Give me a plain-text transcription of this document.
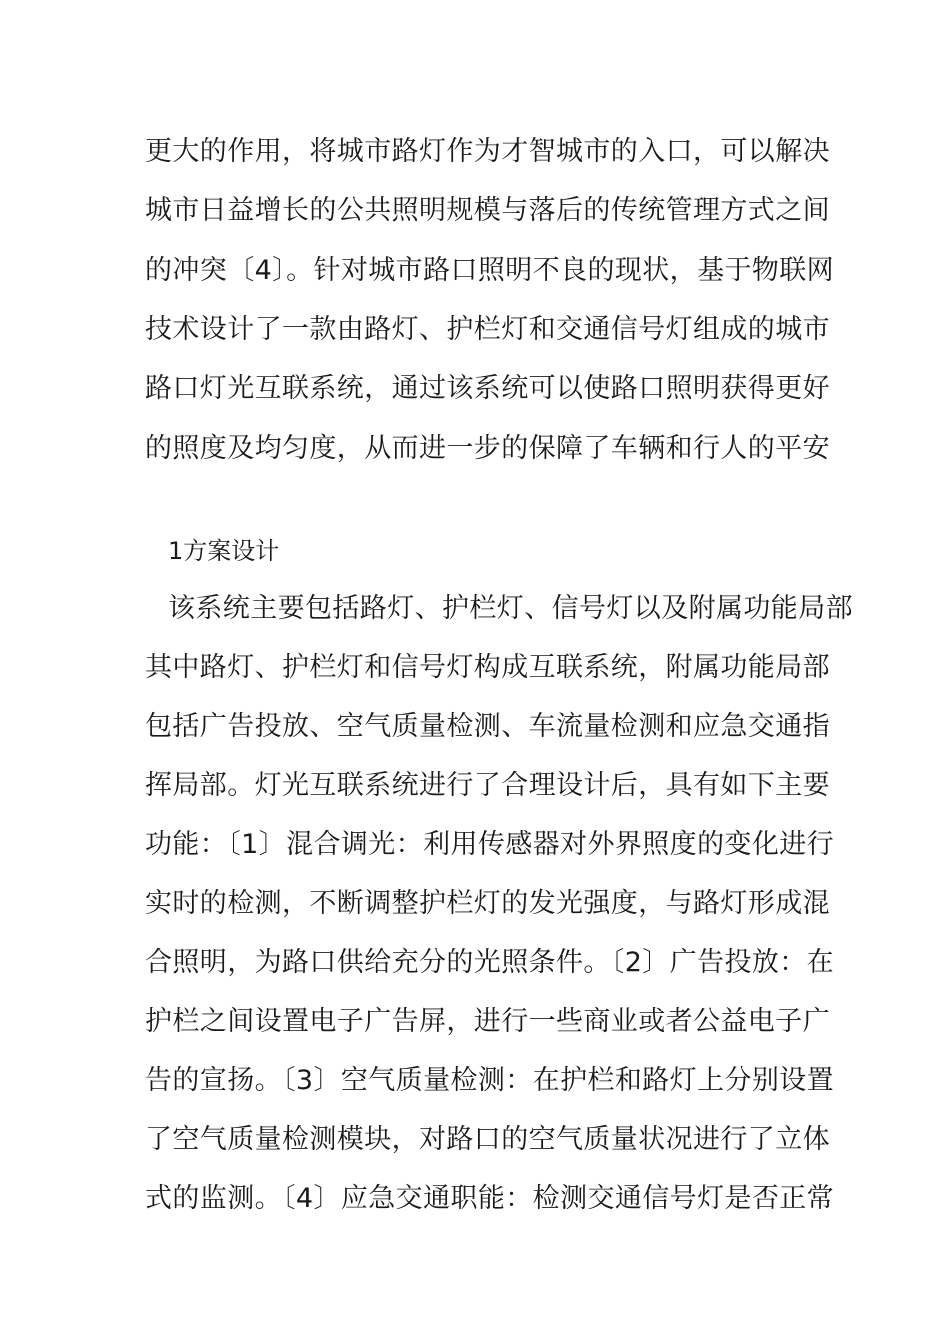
更大的作用，将城市路灯作为才智城市的入口，可以解决
城市日益增长的公共照明规模与落后的传统管理方式之间
的冲突〔4〕。针对城市路口照明不良的现状，基于物联网
技术设计了一款由路灯、护栏灯和交通信号灯组成的城市
路口灯光互联系统，通过该系统可以使路口照明获得更好
的照度及均匀度，从而进一步的保障了车辆和行人的平安
1方案设计
该系统主要包括路灯、护栏灯、信号灯以及附属功能局部
其中路灯、护栏灯和信号灯构成互联系统，附属功能局部
包括广告投放、空气质量检测、车流量检测和应急交通指
挥局部。灯光互联系统进行了合理设计后，具有如下主要
功能：〔1〕混合调光：利用传感器对外界照度的变化进行
实时的检测，不断调整护栏灯的发光强度，与路灯形成混
合照明，为路口供给充分的光照条件。〔2〕广告投放：在
护栏之间设置电子广告屏，进行一些商业或者公益电子广
告的宣扬。〔3〕空气质量检测：在护栏和路灯上分别设置
了空气质量检测模块，对路口的空气质量状况进行了立体
式的监测。〔4〕应急交通职能：检测交通信号灯是否正常
